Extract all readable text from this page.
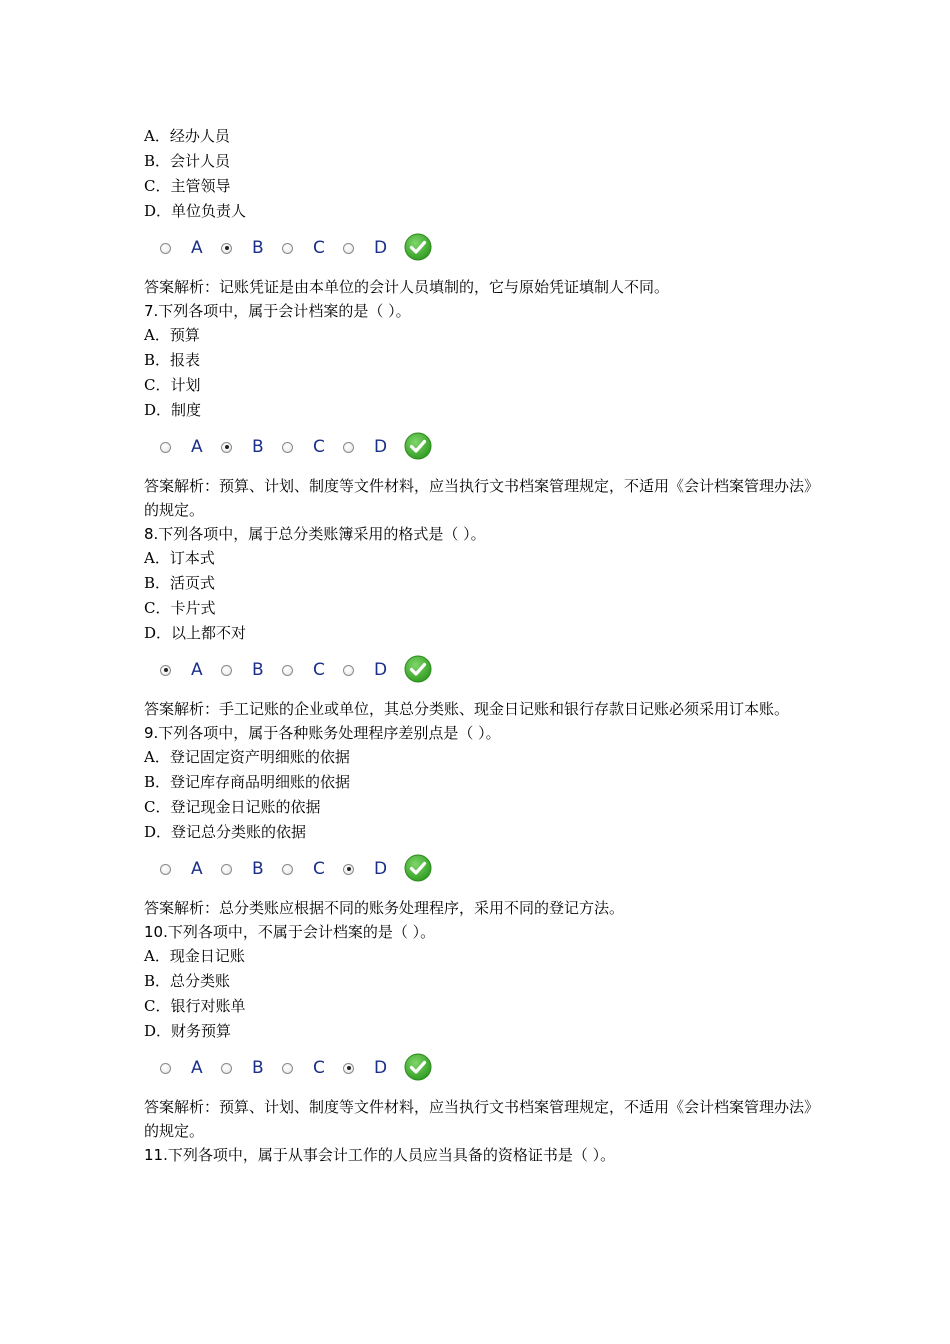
A．经办人员
B．会计人员
C．主管领导
D．单位负责人
A	B	C	D
答案解析：记账凭证是由本单位的会计人员填制的，它与原始凭证填制人不同。
7.下列各项中，属于会计档案的是（ ）。
A．预算
B．报表
C．计划
D．制度
A	B	C	D
答案解析：预算、计划、制度等文件材料，应当执行文书档案管理规定，不适用《会计档案管理办法》的规定。
8.下列各项中，属于总分类账簿采用的格式是（ ）。
A．订本式
B．活页式
C．卡片式
D．以上都不对
A	B	C	D
答案解析：手工记账的企业或单位，其总分类账、现金日记账和银行存款日记账必须采用订本账。
9.下列各项中，属于各种账务处理程序差别点是（ ）。
A．登记固定资产明细账的依据
B．登记库存商品明细账的依据
C．登记现金日记账的依据
D．登记总分类账的依据
A	B	C	D
答案解析：总分类账应根据不同的账务处理程序，采用不同的登记方法。
10.下列各项中，不属于会计档案的是（ ）。
A．现金日记账
B．总分类账
C．银行对账单
D．财务预算
A	B	C	D
答案解析：预算、计划、制度等文件材料，应当执行文书档案管理规定，不适用《会计档案管理办法》的规定。
11.下列各项中，属于从事会计工作的人员应当具备的资格证书是（ ）。
